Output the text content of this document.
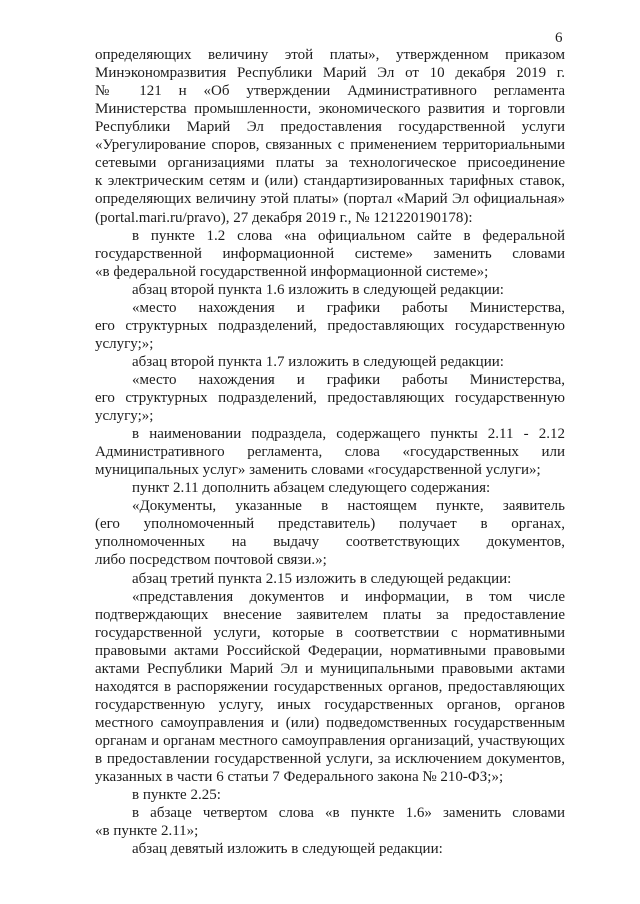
6
определяющих величину этой платы», утвержденном приказом
Минэкономразвития Республики Марий Эл от 10 декабря 2019 г.
№ 121 н «Об утверждении Административного регламента
Министерства промышленности, экономического развития и торговли
Республики Марий Эл предоставления государственной услуги
«Урегулирование споров, связанных с применением территориальными
сетевыми организациями платы за технологическое присоединение
к электрическим сетям и (или) стандартизированных тарифных ставок,
определяющих величину этой платы» (портал «Марий Эл официальная»
(portal.mari.ru/pravo), 27 декабря 2019 г., № 121220190178):
в пункте 1.2 слова «на официальном сайте в федеральной
государственной информационной системе» заменить словами
«в федеральной государственной информационной системе»;
абзац второй пункта 1.6 изложить в следующей редакции:
«место нахождения и графики работы Министерства,
его структурных подразделений, предоставляющих государственную
услугу;»;
абзац второй пункта 1.7 изложить в следующей редакции:
«место нахождения и графики работы Министерства,
его структурных подразделений, предоставляющих государственную
услугу;»;
в наименовании подраздела, содержащего пункты 2.11 - 2.12
Административного регламента, слова «государственных или
муниципальных услуг» заменить словами «государственной услуги»;
пункт 2.11 дополнить абзацем следующего содержания:
«Документы, указанные в настоящем пункте, заявитель
(его уполномоченный представитель) получает в органах,
уполномоченных на выдачу соответствующих документов,
либо посредством почтовой связи.»;
абзац третий пункта 2.15 изложить в следующей редакции:
«представления документов и информации, в том числе
подтверждающих внесение заявителем платы за предоставление
государственной услуги, которые в соответствии с нормативными
правовыми актами Российской Федерации, нормативными правовыми
актами Республики Марий Эл и муниципальными правовыми актами
находятся в распоряжении государственных органов, предоставляющих
государственную услугу, иных государственных органов, органов
местного самоуправления и (или) подведомственных государственным
органам и органам местного самоуправления организаций, участвующих
в предоставлении государственной услуги, за исключением документов,
указанных в части 6 статьи 7 Федерального закона № 210-ФЗ;»;
в пункте 2.25:
в абзаце четвертом слова «в пункте 1.6» заменить словами
«в пункте 2.11»;
абзац девятый изложить в следующей редакции:
